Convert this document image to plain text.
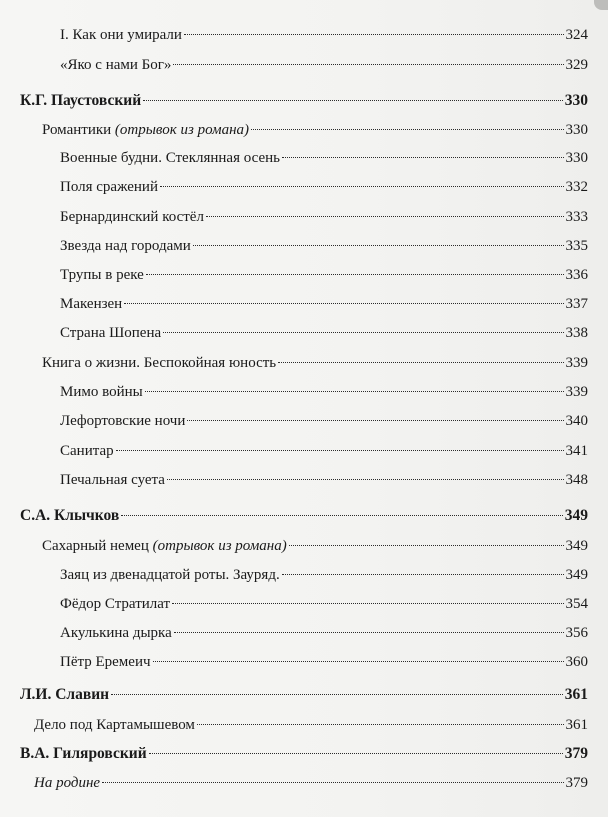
I. Как они умирали	324
«Яко с нами Бог»	329
К.Г. Паустовский	330
Романтики (отрывок из романа)	330
Военные будни. Стеклянная осень	330
Поля сражений	332
Бернардинский костёл	333
Звезда над городами	335
Трупы в реке	336
Макензен	337
Страна Шопена	338
Книга о жизни. Беспокойная юность	339
Мимо войны	339
Лефортовские ночи	340
Санитар	341
Печальная суета	348
С.А. Клычков	349
Сахарный немец (отрывок из романа)	349
Заяц из двенадцатой роты. Зауряд.	349
Фёдор Стратилат	354
Акулькина дырка	356
Пётр Еремеич	360
Л.И. Славин	361
Дело под Картамышевом	361
В.А. Гиляровский	379
На родине	379
